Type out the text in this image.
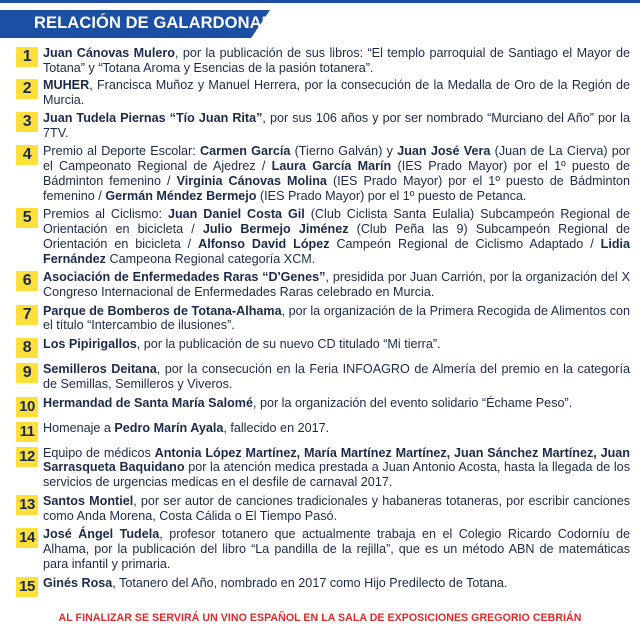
RELACIÓN DE GALARDONADOS
1 Juan Cánovas Mulero, por la publicación de sus libros: “El templo parroquial de Santiago el Mayor de Totana” y “Totana Aroma y Esencias de la pasión totanera”.
2 MUHER, Francisca Muñoz y Manuel Herrera, por la consecución de la Medalla de Oro de la Región de Murcia.
3 Juan Tudela Piernas “Tío Juan Rita”, por sus 106 años y por ser nombrado “Murciano del Año” por la 7TV.
4 Premio al Deporte Escolar: Carmen García (Tierno Galván) y Juan José Vera (Juan de La Cierva) por el Campeonato Regional de Ajedrez / Laura García Marín (IES Prado Mayor) por el 1º puesto de Bádminton femenino / Virginia Cánovas Molina (IES Prado Mayor) por el 1º puesto de Bádminton femenino / Germán Méndez Bermejo (IES Prado Mayor) por el 1º puesto de Petanca.
5 Premios al Ciclismo: Juan Daniel Costa Gil (Club Ciclista Santa Eulalia) Subcampeón Regional de Orientación en bicicleta / Julio Bermejo Jiménez (Club Peña las 9) Subcampeón Regional de Orientación en bicicleta / Alfonso David López Campeón Regional de Ciclismo Adaptado / Lidia Fernández Campeona Regional categoría XCM.
6 Asociación de Enfermedades Raras “D'Genes”, presidida por Juan Carrión, por la organización del X Congreso Internacional de Enfermedades Raras celebrado en Murcia.
7 Parque de Bomberos de Totana-Alhama, por la organización de la Primera Recogida de Alimentos con el título “Intercambio de ilusiones”.
8 Los Pipirigallos, por la publicación de su nuevo CD titulado “Mi tierra”.
9 Semilleros Deitana, por la consecución en la Feria INFOAGRO de Almería del premio en la categoría de Semillas, Semilleros y Viveros.
10 Hermandad de Santa María Salomé, por la organización del evento solidario “Échame Peso”.
11 Homenaje a Pedro Marín Ayala, fallecido en 2017.
12 Equipo de médicos Antonia López Martínez, María Martínez Martínez, Juan Sánchez Martínez, Juan Sarrasqueta Baquidano por la atención medica prestada a Juan Antonio Acosta, hasta la llegada de los servicios de urgencias medicas en el desfile de carnaval 2017.
13 Santos Montiel, por ser autor de canciones tradicionales y habaneras totaneras, por escribir canciones como Anda Morena, Costa Cálida o El Tiempo Pasó.
14 José Ángel Tudela, profesor totanero que actualmente trabaja en el Colegio Ricardo Codorníu de Alhama, por la publicación del libro “La pandilla de la rejilla”, que es un método ABN de matemáticas para infantil y primaria.
15 Ginés Rosa, Totanero del Año, nombrado en 2017 como Hijo Predilecto de Totana.
AL FINALIZAR SE SERVIRÁ UN VINO ESPAÑOL EN LA SALA DE EXPOSICIONES GREGORIO CEBRIÁN
